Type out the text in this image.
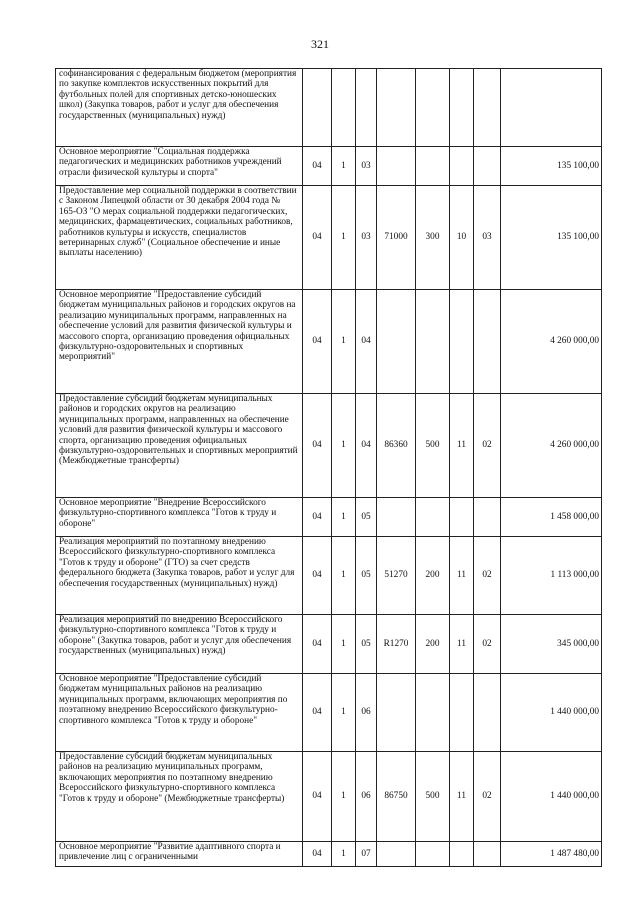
321
софинансирования с федеральным бюджетом (мероприятия по закупке комплектов искусственных покрытий для футбольных полей для спортивных детско-юношеских школ) (Закупка товаров, работ и услуг для обеспечения государственных (муниципальных) нужд)								
Основное мероприятие "Социальная поддержка педагогических и медицинских работников учреждений отрасли физической культуры и спорта"	04	1	03					135 100,00
Предоставление мер социальной поддержки в соответствии с Законом Липецкой области от 30 декабря 2004 года № 165-ОЗ "О мерах социальной поддержки педагогических, медицинских, фармацевтических, социальных работников, работников культуры и искусств, специалистов ветеринарных служб" (Социальное обеспечение и иные выплаты населению)	04	1	03	71000	300	10	03	135 100,00
Основное мероприятие "Предоставление субсидий бюджетам муниципальных районов и городских округов на реализацию муниципальных программ, направленных на обеспечение условий для развития физической культуры и массового спорта, организацию проведения официальных физкультурно-оздоровительных и спортивных мероприятий"	04	1	04					4 260 000,00
Предоставление субсидий бюджетам муниципальных районов и городских округов на реализацию муниципальных программ, направленных на обеспечение условий для развития физической культуры и массового спорта, организацию проведения официальных физкультурно-оздоровительных и спортивных мероприятий (Межбюджетные трансферты)	04	1	04	86360	500	11	02	4 260 000,00
Основное мероприятие "Внедрение Всероссийского физкультурно-спортивного комплекса "Готов к труду и обороне"	04	1	05					1 458 000,00
Реализация мероприятий по поэтапному внедрению Всероссийского физкультурно-спортивного комплекса "Готов к труду и обороне" (ГТО) за счет средств федерального бюджета (Закупка товаров, работ и услуг для обеспечения государственных (муниципальных) нужд)	04	1	05	51270	200	11	02	1 113 000,00
Реализация мероприятий по внедрению Всероссийского физкультурно-спортивного комплекса "Готов к труду и обороне" (Закупка товаров, работ и услуг для обеспечения государственных (муниципальных) нужд)	04	1	05	R1270	200	11	02	345 000,00
Основное мероприятие "Предоставление субсидий бюджетам муниципальных районов на реализацию муниципальных программ, включающих мероприятия по поэтапному внедрению Всероссийского физкультурно-спортивного комплекса "Готов к труду и обороне"	04	1	06					1 440 000,00
Предоставление субсидий бюджетам муниципальных районов на реализацию муниципальных программ, включающих мероприятия по поэтапному внедрению Всероссийского физкультурно-спортивного комплекса "Готов к труду и обороне" (Межбюджетные трансферты)	04	1	06	86750	500	11	02	1 440 000,00
Основное мероприятие "Развитие адаптивного спорта и привлечение лиц с ограниченными	04	1	07					1 487 480,00
